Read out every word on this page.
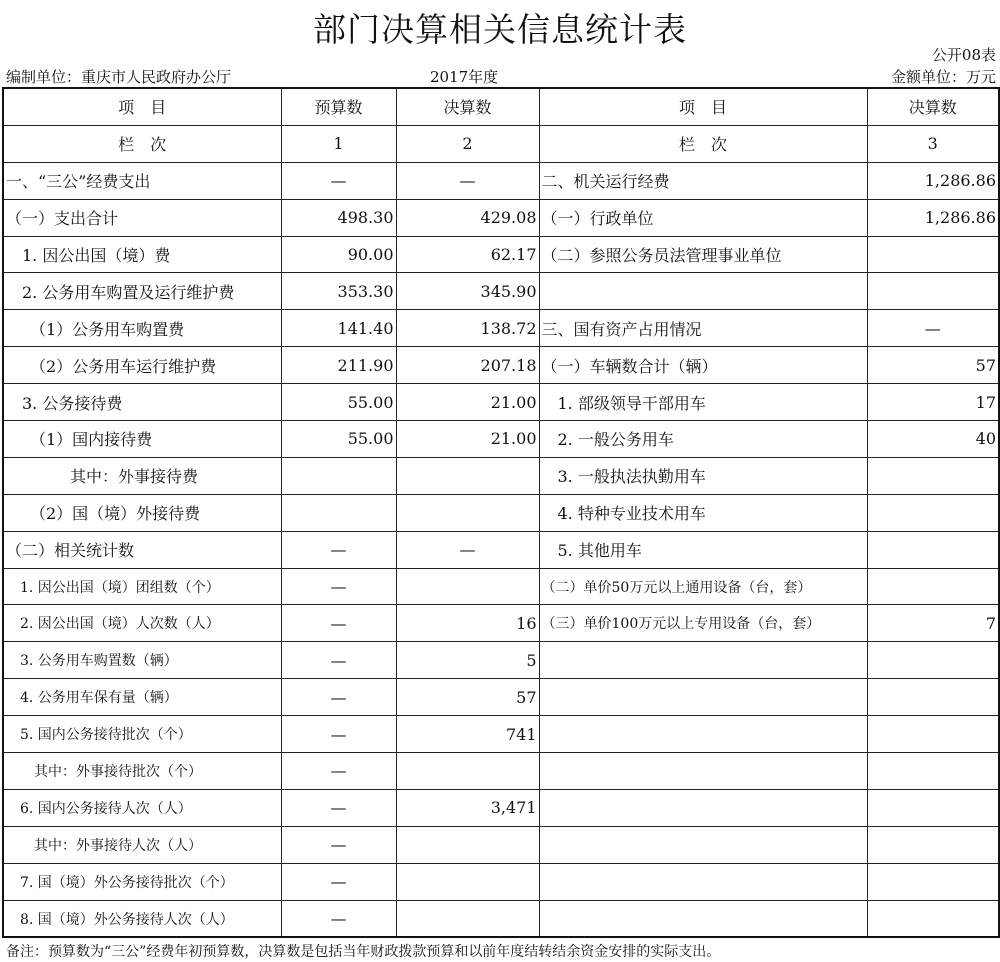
部门决算相关信息统计表
公开08表
编制单位：重庆市人民政府办公厅	2017年度	金额单位：万元
项　目	预算数	决算数	项　目	决算数
栏　次	1	2	栏　次	3
一、“三公”经费支出	—	—	二、机关运行经费	1,286.86
（一）支出合计	498.30	429.08	（一）行政单位	1,286.86
　1. 因公出国（境）费	90.00	62.17	（二）参照公务员法管理事业单位	
　2. 公务用车购置及运行维护费	353.30	345.90		
　　（1）公务用车购置费	141.40	138.72	三、国有资产占用情况	—
　　（2）公务用车运行维护费	211.90	207.18	（一）车辆数合计（辆）	57
　3. 公务接待费	55.00	21.00	　1. 部级领导干部用车	17
　　（1）国内接待费	55.00	21.00	　2. 一般公务用车	40
　　　　其中：外事接待费			　3. 一般执法执勤用车	
　　（2）国（境）外接待费			　4. 特种专业技术用车	
（二）相关统计数	—	—	　5. 其他用车	
　1. 因公出国（境）团组数（个）	—		（二）单价50万元以上通用设备（台，套）	
　2. 因公出国（境）人次数（人）	—	16	（三）单价100万元以上专用设备（台，套）	7
　3. 公务用车购置数（辆）	—	5		
　4. 公务用车保有量（辆）	—	57		
　5. 国内公务接待批次（个）	—	741		
　　其中：外事接待批次（个）	—			
　6. 国内公务接待人次（人）	—	3,471		
　　其中：外事接待人次（人）	—			
　7. 国（境）外公务接待批次（个）	—			
　8. 国（境）外公务接待人次（人）	—			
备注：预算数为“三公”经费年初预算数，决算数是包括当年财政拨款预算和以前年度结转结余资金安排的实际支出。
